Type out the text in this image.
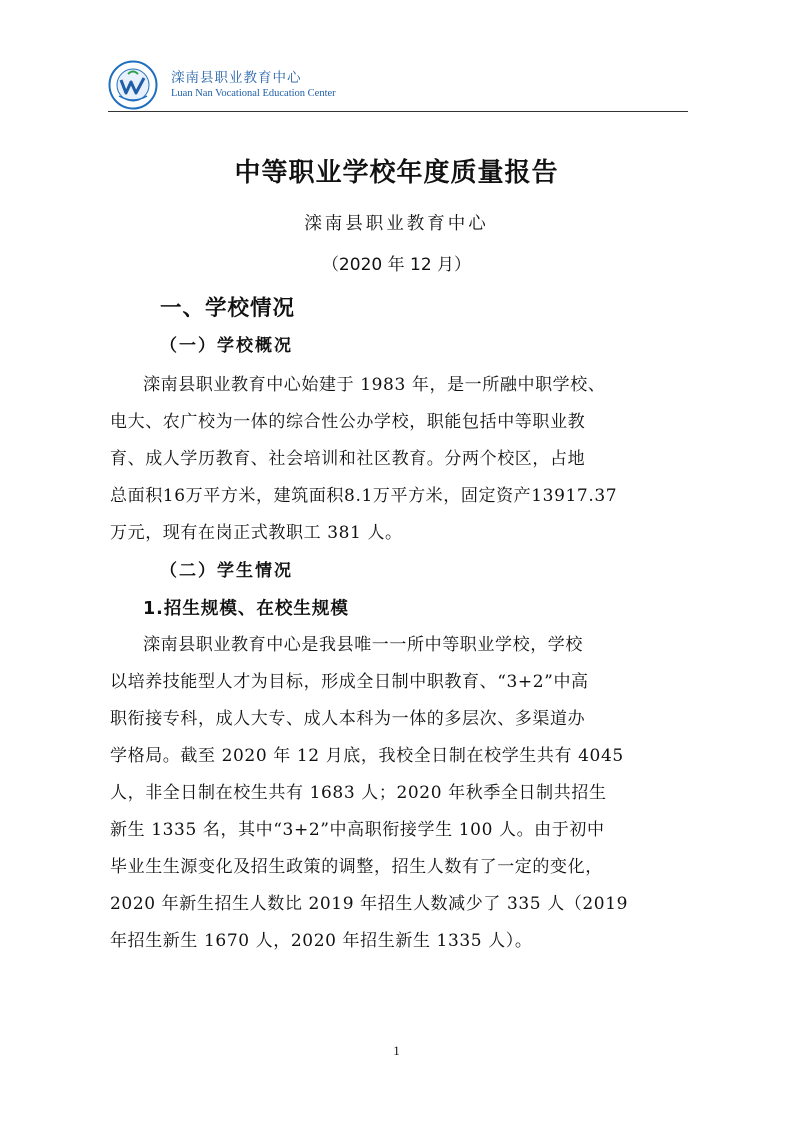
滦南县职业教育中心
Luan Nan Vocational Education Center
中等职业学校年度质量报告
滦南县职业教育中心
（2020 年 12 月）
一、学校情况
（一）学校概况
滦南县职业教育中心始建于 1983 年，是一所融中职学校、
电大、农广校为一体的综合性公办学校，职能包括中等职业教
育、成人学历教育、社会培训和社区教育。分两个校区，占地
总面积16万平方米，建筑面积8.1万平方米，固定资产13917.37
万元，现有在岗正式教职工 381 人。
（二）学生情况
1.招生规模、在校生规模
滦南县职业教育中心是我县唯一一所中等职业学校，学校
以培养技能型人才为目标，形成全日制中职教育、“3+2”中高
职衔接专科，成人大专、成人本科为一体的多层次、多渠道办
学格局。截至 2020 年 12 月底，我校全日制在校学生共有 4045
人，非全日制在校生共有 1683 人；2020 年秋季全日制共招生
新生 1335 名，其中“3+2”中高职衔接学生 100 人。由于初中
毕业生生源变化及招生政策的调整，招生人数有了一定的变化，
2020 年新生招生人数比 2019 年招生人数减少了 335 人（2019
年招生新生 1670 人，2020 年招生新生 1335 人）。
1
